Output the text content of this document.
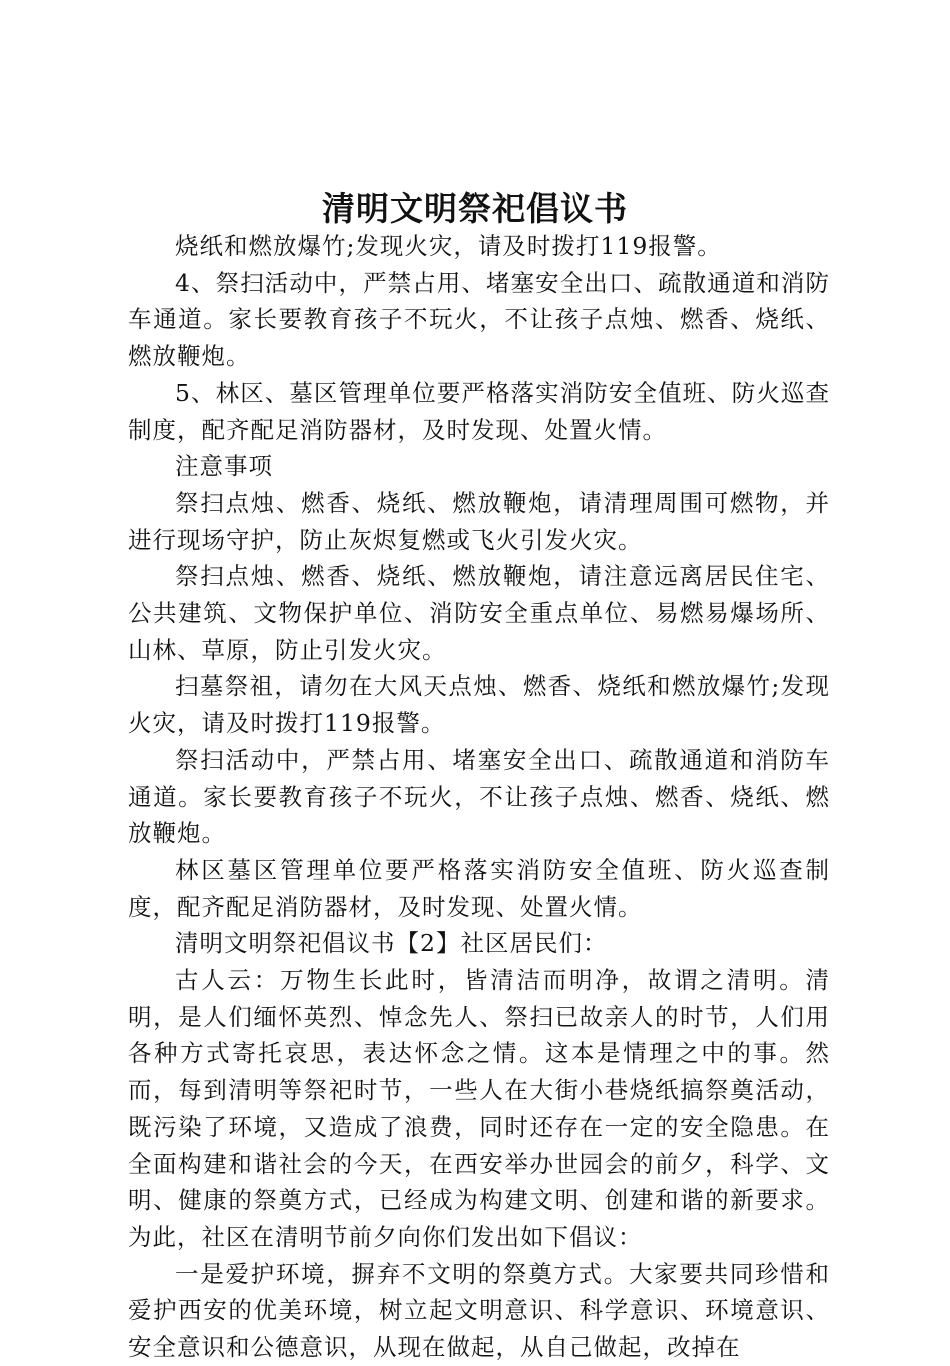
清明文明祭祀倡议书

烧纸和燃放爆竹;发现火灾，请及时拨打119报警。

4、祭扫活动中，严禁占用、堵塞安全出口、疏散通道和消防车通道。家长要教育孩子不玩火，不让孩子点烛、燃香、烧纸、燃放鞭炮。

5、林区、墓区管理单位要严格落实消防安全值班、防火巡查制度，配齐配足消防器材，及时发现、处置火情。

注意事项

祭扫点烛、燃香、烧纸、燃放鞭炮，请清理周围可燃物，并进行现场守护，防止灰烬复燃或飞火引发火灾。

祭扫点烛、燃香、烧纸、燃放鞭炮，请注意远离居民住宅、公共建筑、文物保护单位、消防安全重点单位、易燃易爆场所、山林、草原，防止引发火灾。

扫墓祭祖，请勿在大风天点烛、燃香、烧纸和燃放爆竹;发现火灾，请及时拨打119报警。

祭扫活动中，严禁占用、堵塞安全出口、疏散通道和消防车通道。家长要教育孩子不玩火，不让孩子点烛、燃香、烧纸、燃放鞭炮。

林区墓区管理单位要严格落实消防安全值班、防火巡查制度，配齐配足消防器材，及时发现、处置火情。

清明文明祭祀倡议书【2】社区居民们：

古人云：万物生长此时，皆清洁而明净，故谓之清明。清明，是人们缅怀英烈、悼念先人、祭扫已故亲人的时节，人们用各种方式寄托哀思，表达怀念之情。这本是情理之中的事。然而，每到清明等祭祀时节，一些人在大街小巷烧纸搞祭奠活动，既污染了环境，又造成了浪费，同时还存在一定的安全隐患。在全面构建和谐社会的今天，在西安举办世园会的前夕，科学、文明、健康的祭奠方式，已经成为构建文明、创建和谐的新要求。为此，社区在清明节前夕向你们发出如下倡议：

一是爱护环境，摒弃不文明的祭奠方式。大家要共同珍惜和爱护西安的优美环境，树立起文明意识、科学意识、环境意识、安全意识和公德意识，从现在做起，从自己做起，改掉在
